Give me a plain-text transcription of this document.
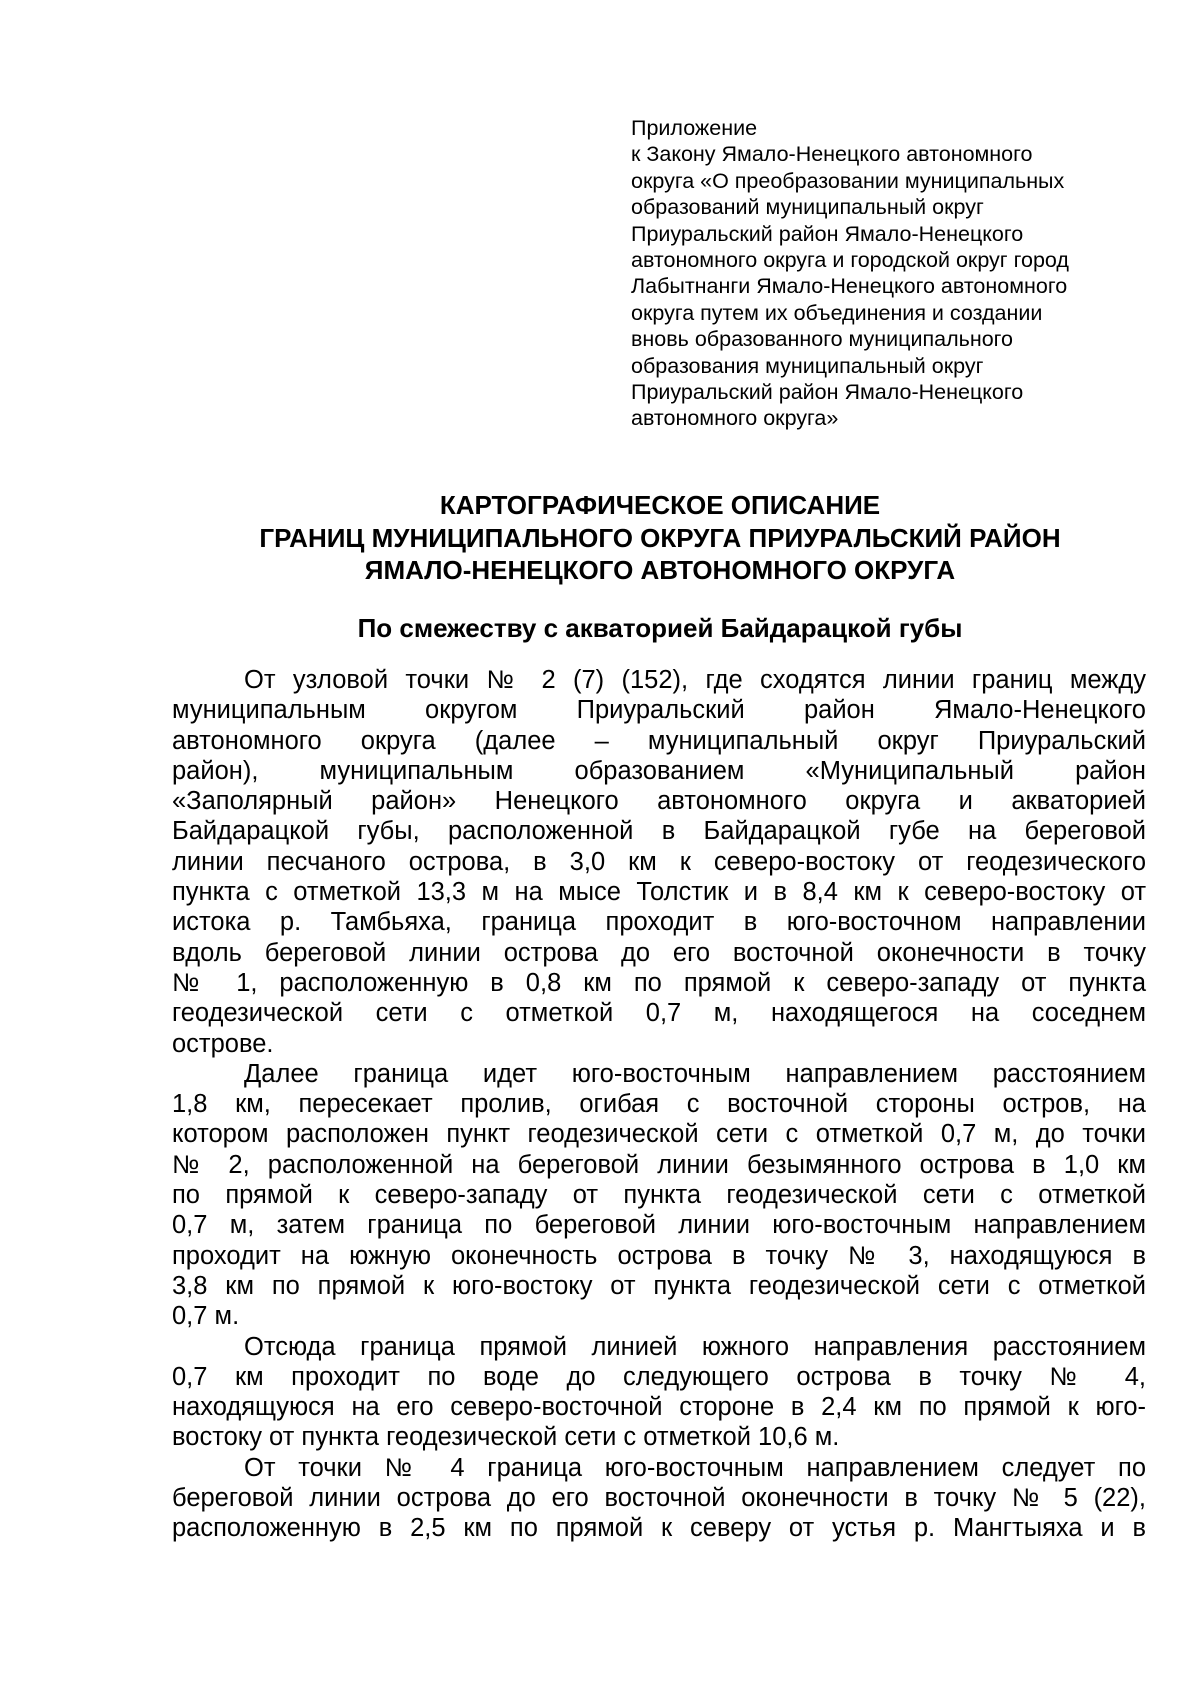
Приложение
к Закону Ямало-Ненецкого автономного
округа «О преобразовании муниципальных
образований муниципальный округ
Приуральский район Ямало-Ненецкого
автономного округа и городской округ город
Лабытнанги Ямало-Ненецкого автономного
округа путем их объединения и создании
вновь образованного муниципального
образования муниципальный округ
Приуральский район Ямало-Ненецкого
автономного округа»
КАРТОГРАФИЧЕСКОЕ ОПИСАНИЕ
ГРАНИЦ МУНИЦИПАЛЬНОГО ОКРУГА ПРИУРАЛЬСКИЙ РАЙОН
ЯМАЛО-НЕНЕЦКОГО АВТОНОМНОГО ОКРУГА
По смежеству с акваторией Байдарацкой губы
От узловой точки № 2 (7) (152), где сходятся линии границ между
муниципальным округом Приуральский район Ямало-Ненецкого
автономного округа (далее – муниципальный округ Приуральский
район), муниципальным образованием «Муниципальный район
«Заполярный район» Ненецкого автономного округа и акваторией
Байдарацкой губы, расположенной в Байдарацкой губе на береговой
линии песчаного острова, в 3,0 км к северо-востоку от геодезического
пункта с отметкой 13,3 м на мысе Толстик и в 8,4 км к северо-востоку от
истока р. Тамбьяха, граница проходит в юго-восточном направлении
вдоль береговой линии острова до его восточной оконечности в точку
№ 1, расположенную в 0,8 км по прямой к северо-западу от пункта
геодезической сети с отметкой 0,7 м, находящегося на соседнем
острове.
Далее граница идет юго-восточным направлением расстоянием
1,8 км, пересекает пролив, огибая с восточной стороны остров, на
котором расположен пункт геодезической сети с отметкой 0,7 м, до точки
№ 2, расположенной на береговой линии безымянного острова в 1,0 км
по прямой к северо-западу от пункта геодезической сети с отметкой
0,7 м, затем граница по береговой линии юго-восточным направлением
проходит на южную оконечность острова в точку № 3, находящуюся в
3,8 км по прямой к юго-востоку от пункта геодезической сети с отметкой
0,7 м.
Отсюда граница прямой линией южного направления расстоянием
0,7 км проходит по воде до следующего острова в точку № 4,
находящуюся на его северо-восточной стороне в 2,4 км по прямой к юго-
востоку от пункта геодезической сети с отметкой 10,6 м.
От точки № 4 граница юго-восточным направлением следует по
береговой линии острова до его восточной оконечности в точку № 5 (22),
расположенную в 2,5 км по прямой к северу от устья р. Мангтыяха и в
